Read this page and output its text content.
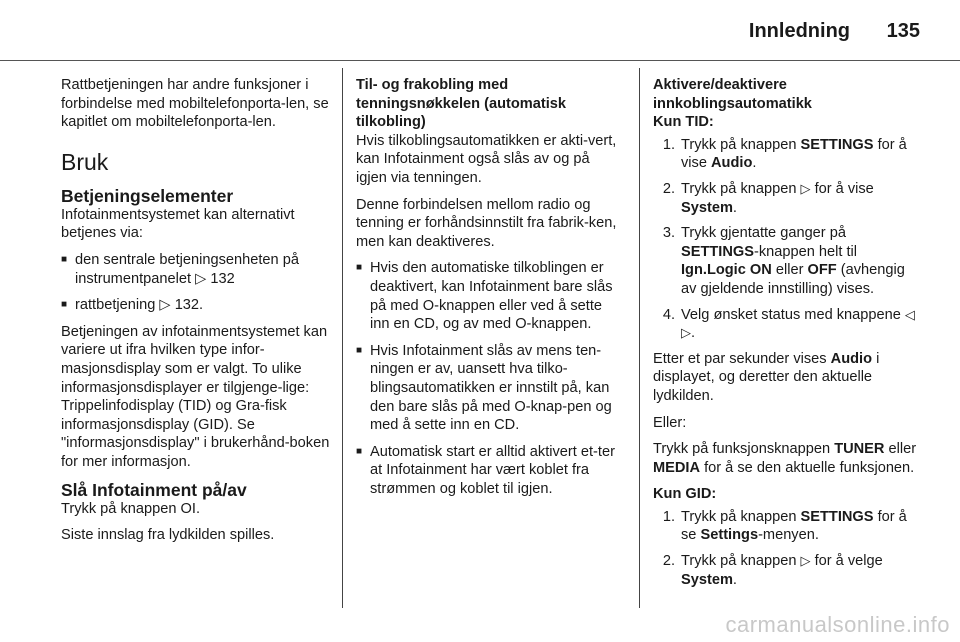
Innledning 135

Rattbetjeningen har andre funksjoner i forbindelse med mobiltelefonporta-len, se kapitlet om mobiltelefonporta-len.

Bruk
Betjeningselementer

Infotainmentsystemet kan alternativt betjenes via:

■ den sentrale betjeningsenheten på instrumentpanelet ▷ 132
■ rattbetjening ▷ 132.

Betjeningen av infotainmentsystemet kan variere ut ifra hvilken type infor-masjonsdisplay som er valgt. To ulike informasjonsdisplayer er tilgjenge-lige: Trippelinfodisplay (TID) og Gra-fisk informasjonsdisplay (GID). Se "informasjonsdisplay" i brukerhånd-boken for mer informasjon.

Slå Infotainment på/av

Trykk på knappen OI.

Siste innslag fra lydkilden spilles.

Til- og frakobling med tenningsnøkkelen (automatisk tilkobling)

Hvis tilkoblingsautomatikken er akti-vert, kan Infotainment også slås av og på igjen via tenningen.

Denne forbindelsen mellom radio og tenning er forhåndsinnstilt fra fabrik-ken, men kan deaktiveres.

■ Hvis den automatiske tilkoblingen er deaktivert, kan Infotainment bare slås på med O-knappen eller ved å sette inn en CD, og av med O-knappen.
■ Hvis Infotainment slås av mens ten-ningen er av, uansett hva tilko-blingsautomatikken er innstilt på, kan den bare slås på med O-knap-pen og med å sette inn en CD.
■ Automatisk start er alltid aktivert et-ter at Infotainment har vært koblet fra strømmen og koblet til igjen.

Aktivere/deaktivere innkoblingsautomatikk

Kun TID:

1. Trykk på knappen SETTINGS for å vise Audio.
2. Trykk på knappen ▷ for å vise System.
3. Trykk gjentatte ganger på SETTINGS-knappen helt til Ign.Logic ON eller OFF (avhengig av gjeldende innstilling) vises.
4. Velg ønsket status med knappene ◁ ▷.

Etter et par sekunder vises Audio i displayet, og deretter den aktuelle lydkilden.

Eller:

Trykk på funksjonsknappen TUNER eller MEDIA for å se den aktuelle funksjonen.

Kun GID:

1. Trykk på knappen SETTINGS for å se Settings-menyen.
2. Trykk på knappen ▷ for å velge System.
carmanualsonline.info
